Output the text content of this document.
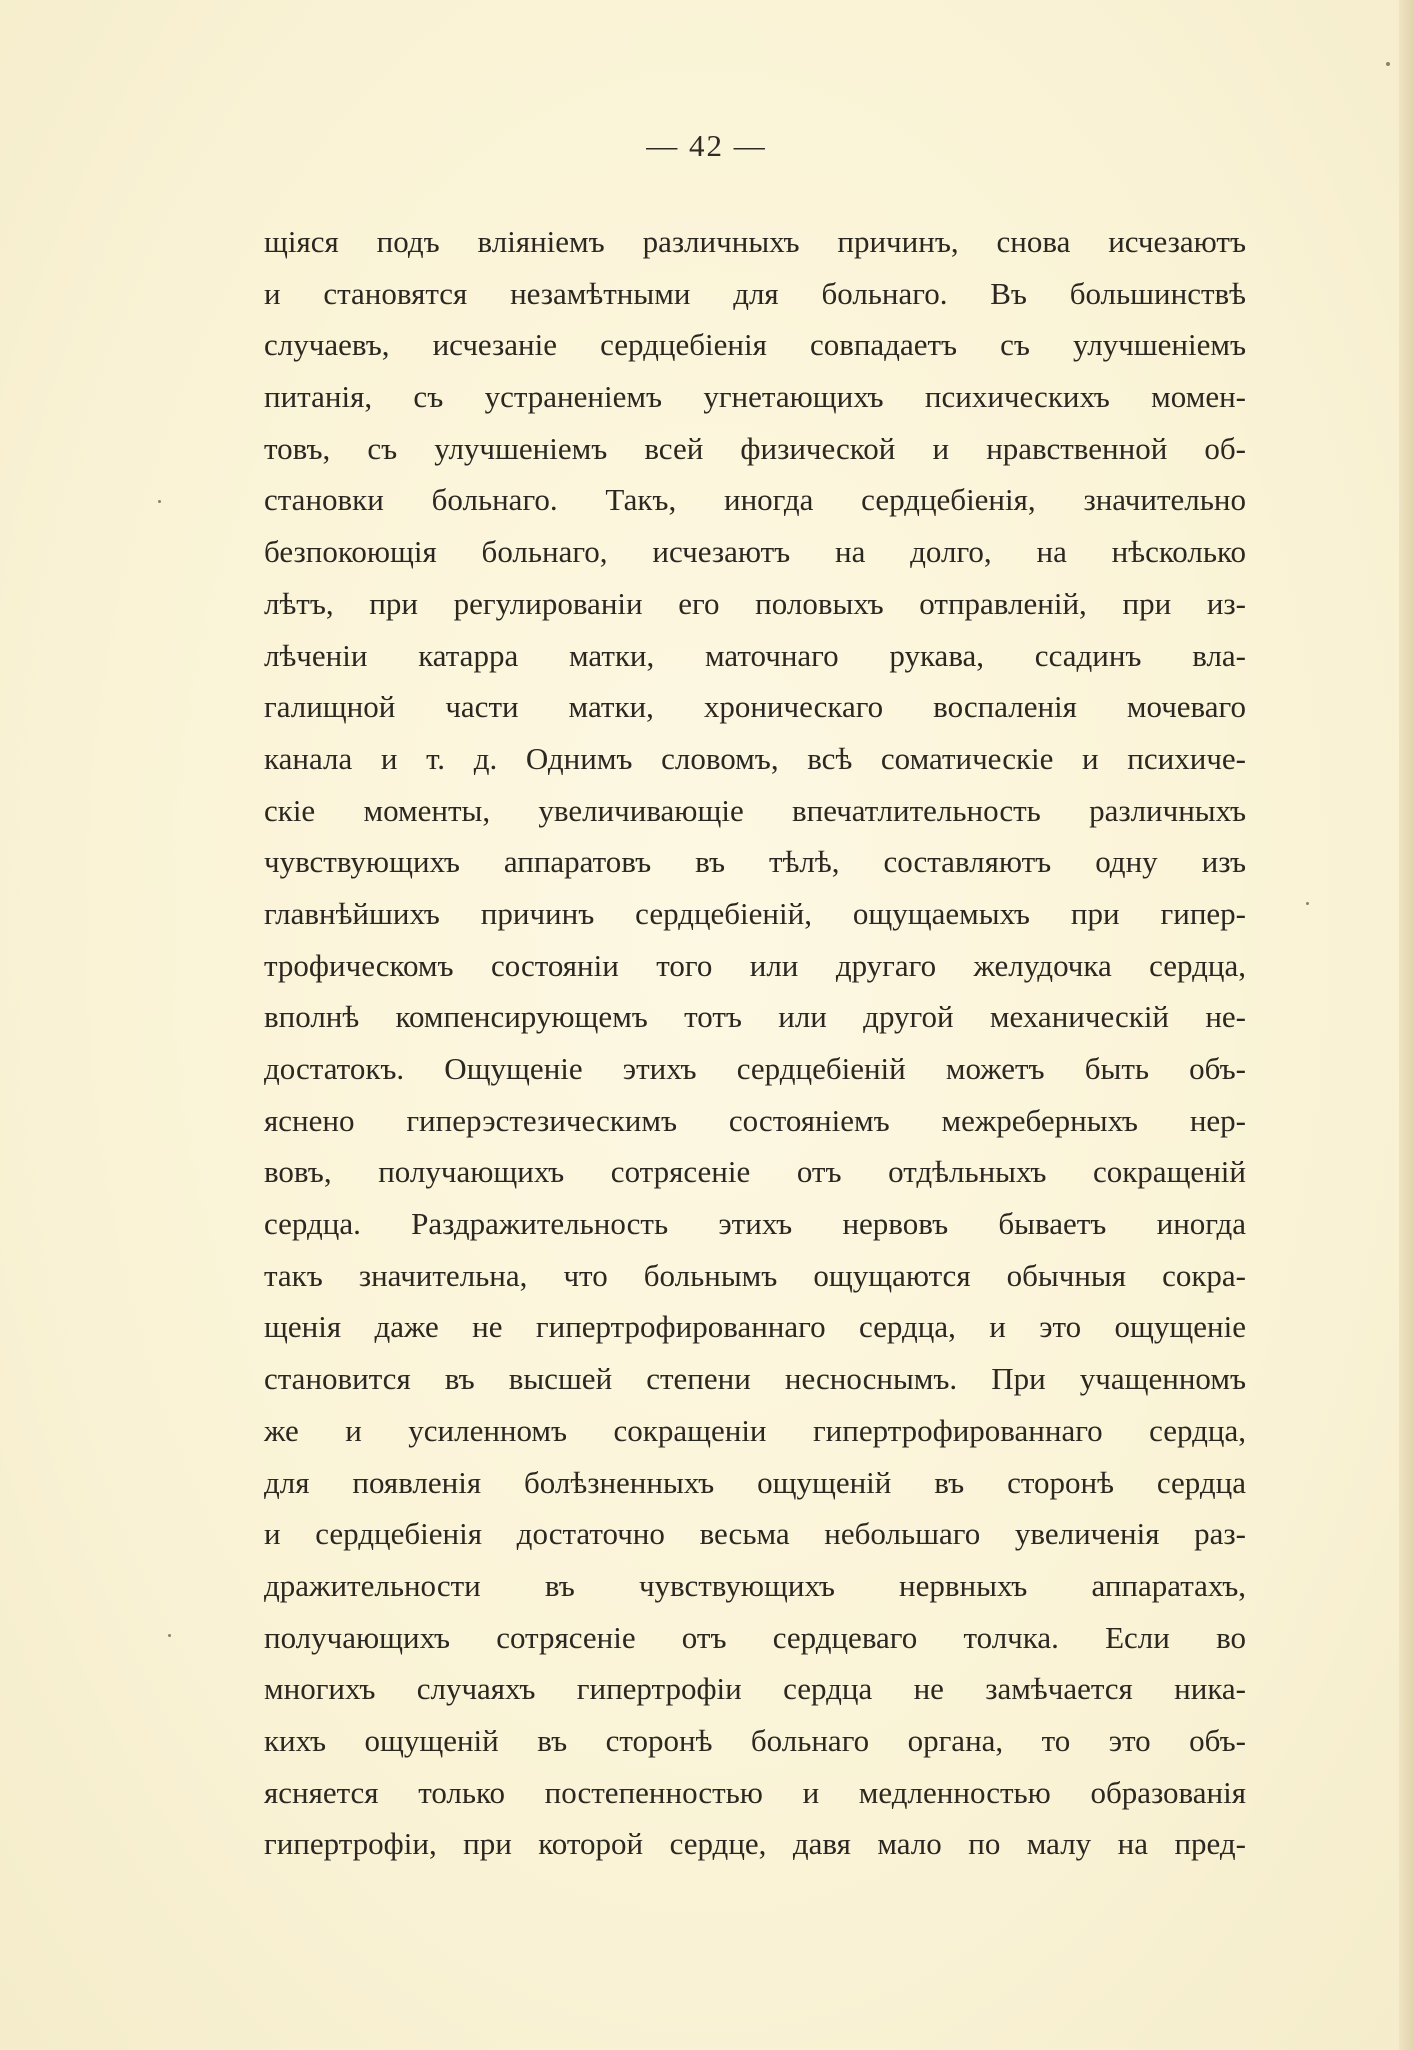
— 42 —
щіяся подъ вліяніемъ различныхъ причинъ, снова исчезаютъ
и становятся незамѣтными для больнаго. Въ большинствѣ
случаевъ, исчезаніе сердцебіенія совпадаетъ съ улучшеніемъ
питанія, съ устраненіемъ угнетающихъ психическихъ момен-
товъ, съ улучшеніемъ всей физической и нравственной об-
становки больнаго. Такъ, иногда сердцебіенія, значительно
безпокоющія больнаго, исчезаютъ на долго, на нѣсколько
лѣтъ, при регулированіи его половыхъ отправленій, при из-
лѣченіи катарра матки, маточнаго рукава, ссадинъ вла-
галищной части матки, хроническаго воспаленія мочеваго
канала и т. д. Однимъ словомъ, всѣ соматическіе и психиче-
скіе моменты, увеличивающіе впечатлительность различныхъ
чувствующихъ аппаратовъ въ тѣлѣ, составляютъ одну изъ
главнѣйшихъ причинъ сердцебіеній, ощущаемыхъ при гипер-
трофическомъ состояніи того или другаго желудочка сердца,
вполнѣ компенсирующемъ тотъ или другой механическій не-
достатокъ. Ощущеніе этихъ сердцебіеній можетъ быть объ-
яснено гиперэстезическимъ состояніемъ межреберныхъ нер-
вовъ, получающихъ сотрясеніе отъ отдѣльныхъ сокращеній
сердца. Раздражительность этихъ нервовъ бываетъ иногда
такъ значительна, что больнымъ ощущаются обычныя сокра-
щенія даже не гипертрофированнаго сердца, и это ощущеніе
становится въ высшей степени несноснымъ. При учащенномъ
же и усиленномъ сокращеніи гипертрофированнаго сердца,
для появленія болѣзненныхъ ощущеній въ сторонѣ сердца
и сердцебіенія достаточно весьма небольшаго увеличенія раз-
дражительности въ чувствующихъ нервныхъ аппаратахъ,
получающихъ сотрясеніе отъ сердцеваго толчка. Если во
многихъ случаяхъ гипертрофіи сердца не замѣчается ника-
кихъ ощущеній въ сторонѣ больнаго органа, то это объ-
ясняется только постепенностью и медленностью образованія
гипертрофіи, при которой сердце, давя мало по малу на пред-
